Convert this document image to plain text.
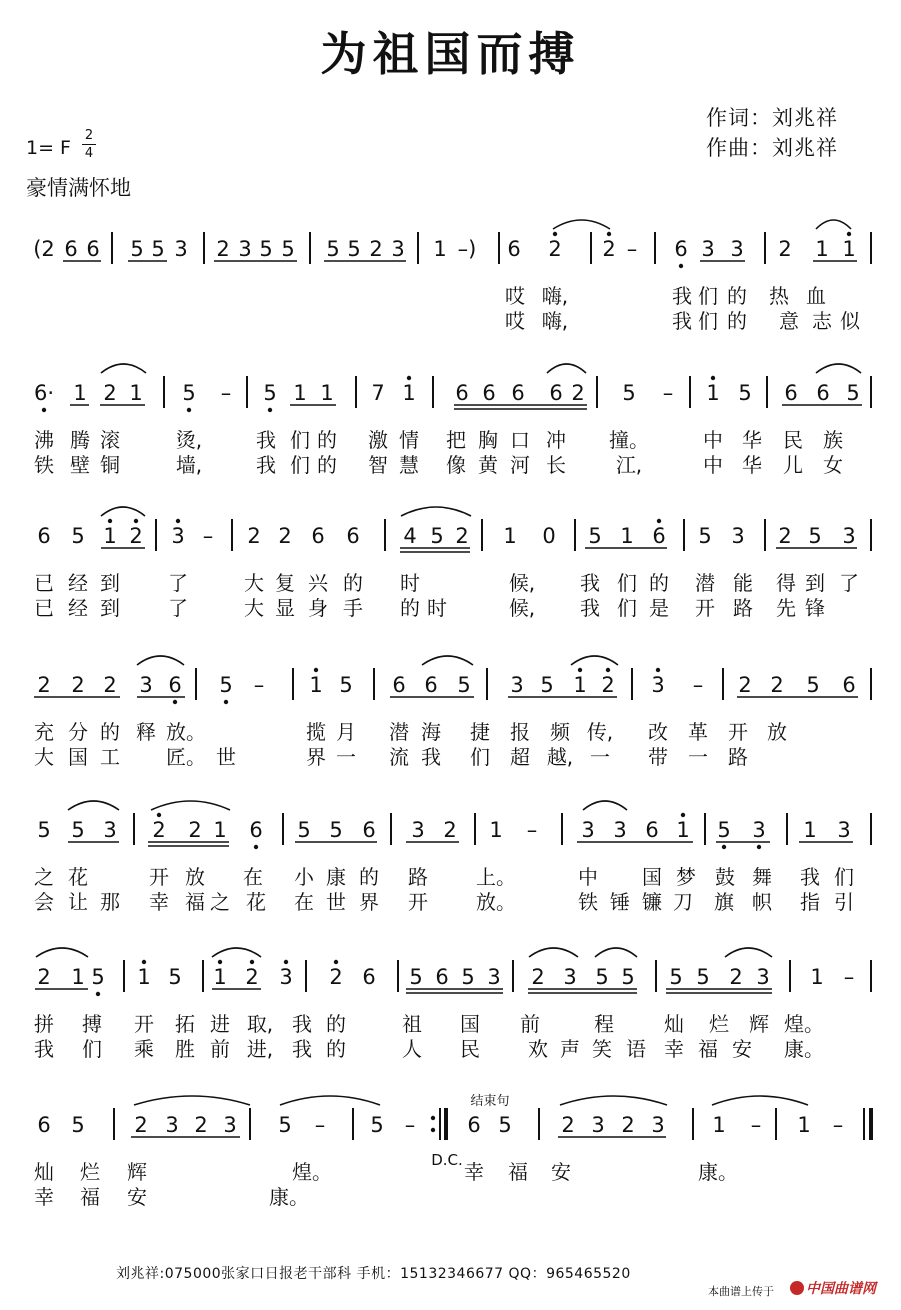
为祖国而搏
作词：刘兆祥
作曲：刘兆祥
1= F
2
4
豪情满怀地
(2 6 6 5 5 3 2 3 5 5 5 5 2 3 1 –) 6 2 2 – 6 3 3 2 1 1
哎 嗨,	我 们 的 热 血
哎 嗨,	我 们 的 意 志 似
6· 1 2 1 5 – 5 1 1 7 1 6 6 6 6 2 5 – 1 5 6 6 5
沸 腾 滚	烫,	我 们 的 激 情 把 胸 口 冲 撞。	中 华 民 族
铁 壁 铜	墙,	我 们 的 智 慧 像 黄 河 长 江,	中 华 儿 女
6 5 1 2 3 – 2 2 6 6 4 5 2 1 0 5 1 6 5 3 2 5 3
已 经 到 了	大 复 兴 的 时	候, 我 们 的 潜 能 得 到 了
已 经 到 了	大 显 身 手 的 时	候, 我 们 是 开 路 先 锋
2 2 2 3 6 5 – 1 5 6 6 5 3 5 1 2 3 – 2 2 5 6
充 分 的 释 放。	揽 月 潜 海 捷 报 频 传, 改 革 开 放
大 国 工 匠。 世	界 一 流 我 们 超 越, 一 带 一 路
5 5 3 2 2 1 6 5 5 6 3 2 1 – 3 3 6 1 5 3 1 3
之 花	开 放 在 小 康 的 路 上。	中 国 梦 鼓 舞 我 们
会 让 那 幸 福 之 花 在 世 界 开 放。	铁 锤 镰 刀 旗 帜 指 引
2 1 5 1 5 1 2 3 2 6 5 6 5 3 2 3 5 5 5 5 2 3 1 –
拼 搏 开 拓 进 取, 我 的	祖 国 前	程	灿 烂 辉 煌。
我 们 乘 胜 前 进, 我 的	人 民 欢 声 笑 语 幸 福 安 康。
6 5 2 3 2 3 5 – 5 – 6 5 2 3 2 3 1 – 1 –
灿 烂 辉	煌。	幸 福 安	康。
幸 福 安	康。
结束句
D.C.
刘兆祥:075000张家口日报老干部科 手机：15132346677 QQ：965465520
本曲谱上传于	中国曲谱网
